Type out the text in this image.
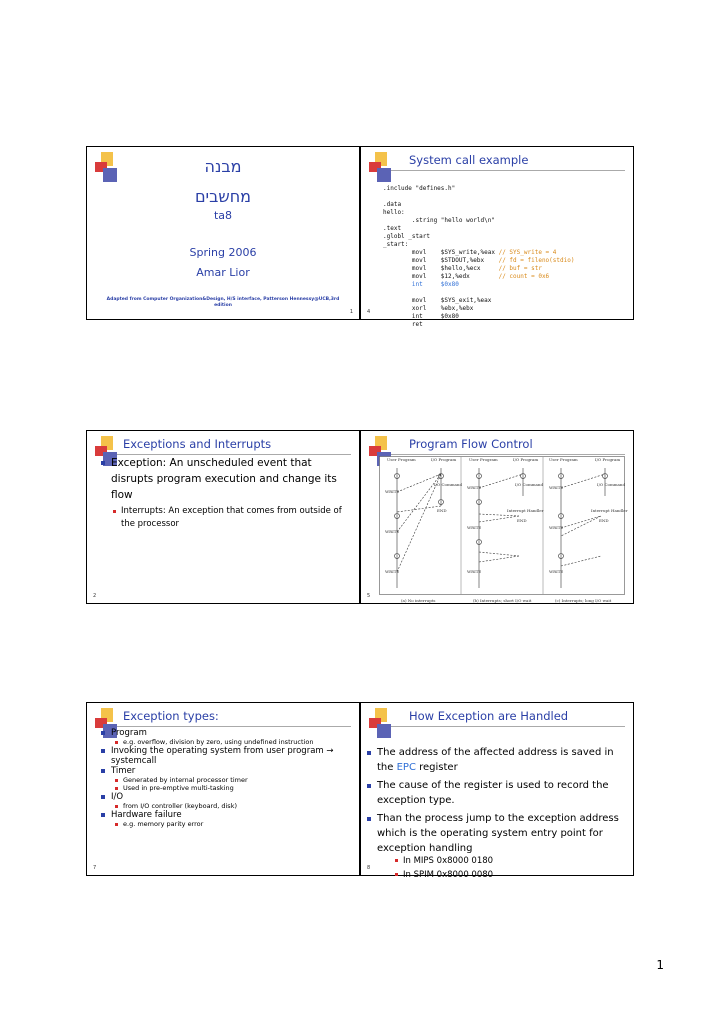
מבנה
מחשבים
ta8
Spring 2006
Amar Lior
Adapted from Computer Organization&Design, H/S interface, Patterson Hennessy@UCB,3rd edition
1
System call example
.include "defines.h"

.data
hello:
.string "hello world\n"
.text
.globl _start
_start:
movl    $SYS_write,%eax // SYS_write = 4
movl    $STDOUT,%ebx    // fd = fileno(stdio)
movl    $hello,%ecx     // buf = str
movl    $12,%edx        // count = 0x6
int     $0x80

movl    $SYS_exit,%eax
xorl    %ebx,%ebx
int     $0x80
ret

4
Exceptions and Interrupts
Exception: An unscheduled event that disrupts program execution and change its flow
Interrupts: An exception that comes from outside of the processor
2
Program Flow Control
User Program	I/O Program	User Program	I/O Program	User Program	I/O Program
WRITE
WRITE
WRITE
I/O Command
END
(a) No interrupts
WRITE
WRITE
WRITE
I/O Command
Interrupt Handler
END
(b) Interrupts; short I/O wait
WRITE
WRITE
WRITE
I/O Command
Interrupt Handler
END
(c) Interrupts; long I/O wait
5
Exception types:
Program
e.g. overflow, division by zero, using undefined instruction
Invoking the operating system from user program → systemcall
Timer
Generated by internal processor timer
Used in pre-emptive multi-tasking
I/O
from I/O controller (keyboard, disk)
Hardware failure
e.g. memory parity error
7
How Exception are Handled
The address of the affected address is saved in the EPC register
The cause of the register is used to record the exception type.
Than the process jump to the exception address which is the operating system entry point for exception handling
In MIPS 0x8000 0180
In SPIM 0x8000 0080
8
1
